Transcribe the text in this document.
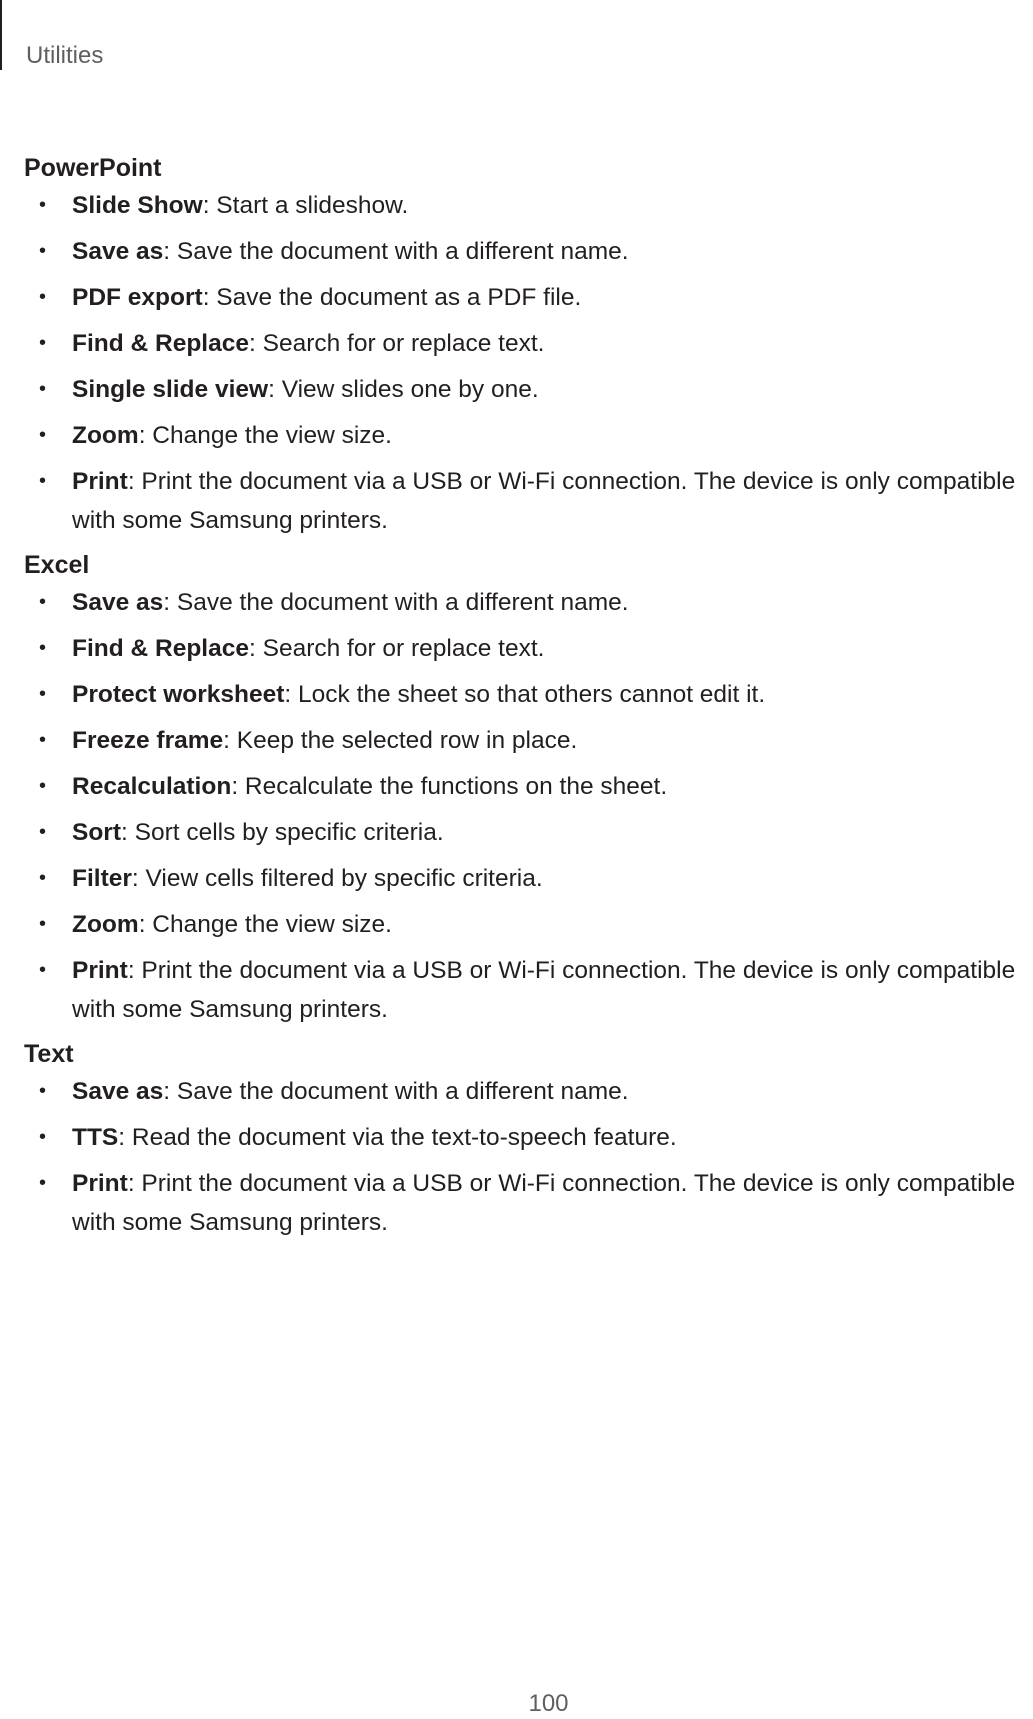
Utilities
PowerPoint
• Slide Show: Start a slideshow.
• Save as: Save the document with a different name.
• PDF export: Save the document as a PDF file.
• Find & Replace: Search for or replace text.
• Single slide view: View slides one by one.
• Zoom: Change the view size.
• Print: Print the document via a USB or Wi-Fi connection. The device is only compatible with some Samsung printers.
Excel
• Save as: Save the document with a different name.
• Find & Replace: Search for or replace text.
• Protect worksheet: Lock the sheet so that others cannot edit it.
• Freeze frame: Keep the selected row in place.
• Recalculation: Recalculate the functions on the sheet.
• Sort: Sort cells by specific criteria.
• Filter: View cells filtered by specific criteria.
• Zoom: Change the view size.
• Print: Print the document via a USB or Wi-Fi connection. The device is only compatible with some Samsung printers.
Text
• Save as: Save the document with a different name.
• TTS: Read the document via the text-to-speech feature.
• Print: Print the document via a USB or Wi-Fi connection. The device is only compatible with some Samsung printers.
100
